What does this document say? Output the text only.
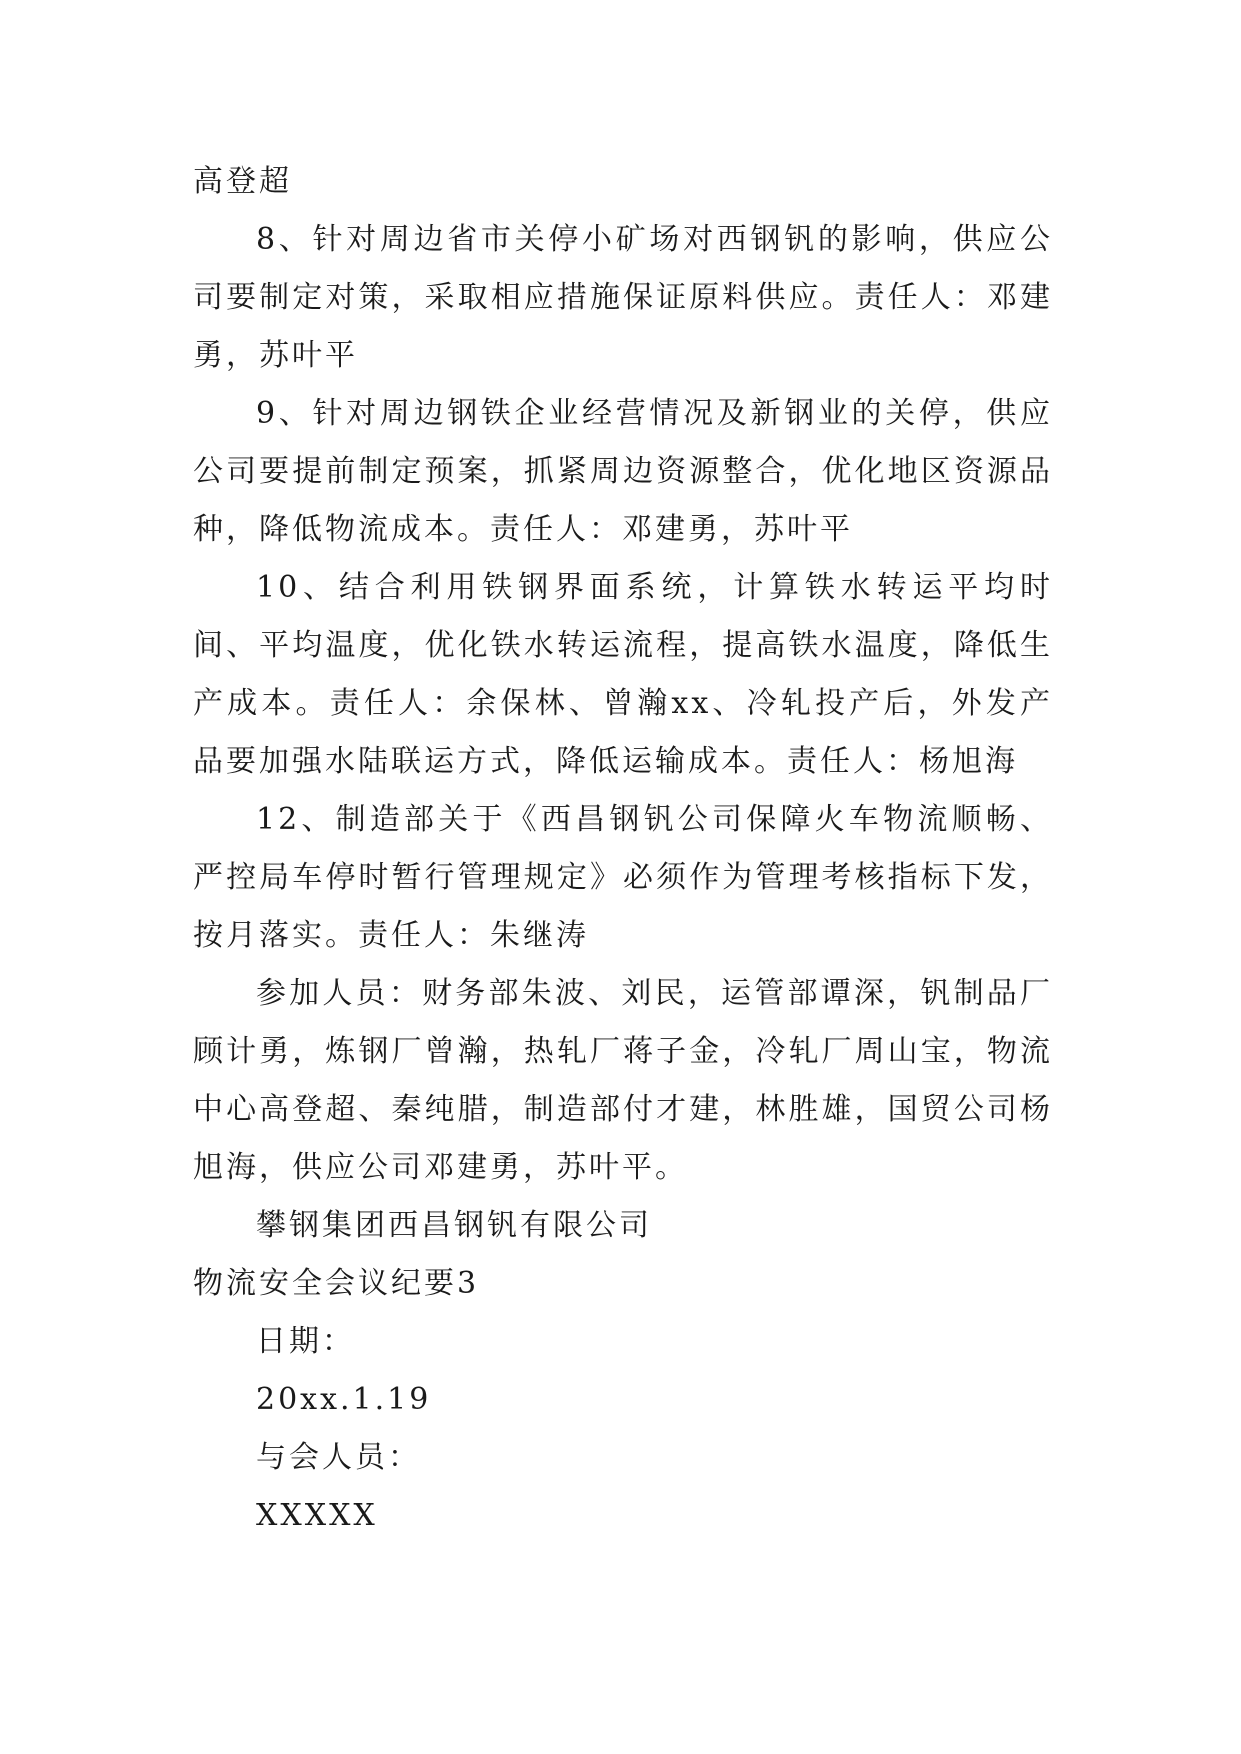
高登超

8、针对周边省市关停小矿场对西钢钒的影响，供应公司要制定对策，采取相应措施保证原料供应。责任人：邓建勇，苏叶平

9、针对周边钢铁企业经营情况及新钢业的关停，供应公司要提前制定预案，抓紧周边资源整合，优化地区资源品种，降低物流成本。责任人：邓建勇，苏叶平

10、结合利用铁钢界面系统，计算铁水转运平均时间、平均温度，优化铁水转运流程，提高铁水温度，降低生产成本。责任人：余保林、曾瀚xx、冷轧投产后，外发产品要加强水陆联运方式，降低运输成本。责任人：杨旭海

12、制造部关于《西昌钢钒公司保障火车物流顺畅、严控局车停时暂行管理规定》必须作为管理考核指标下发，按月落实。责任人：朱继涛

参加人员：财务部朱波、刘民，运管部谭深，钒制品厂顾计勇，炼钢厂曾瀚，热轧厂蒋子金，冷轧厂周山宝，物流中心高登超、秦纯腊，制造部付才建，林胜雄，国贸公司杨旭海，供应公司邓建勇，苏叶平。

攀钢集团西昌钢钒有限公司

物流安全会议纪要3

日期：

20xx.1.19

与会人员：

XXXXX
